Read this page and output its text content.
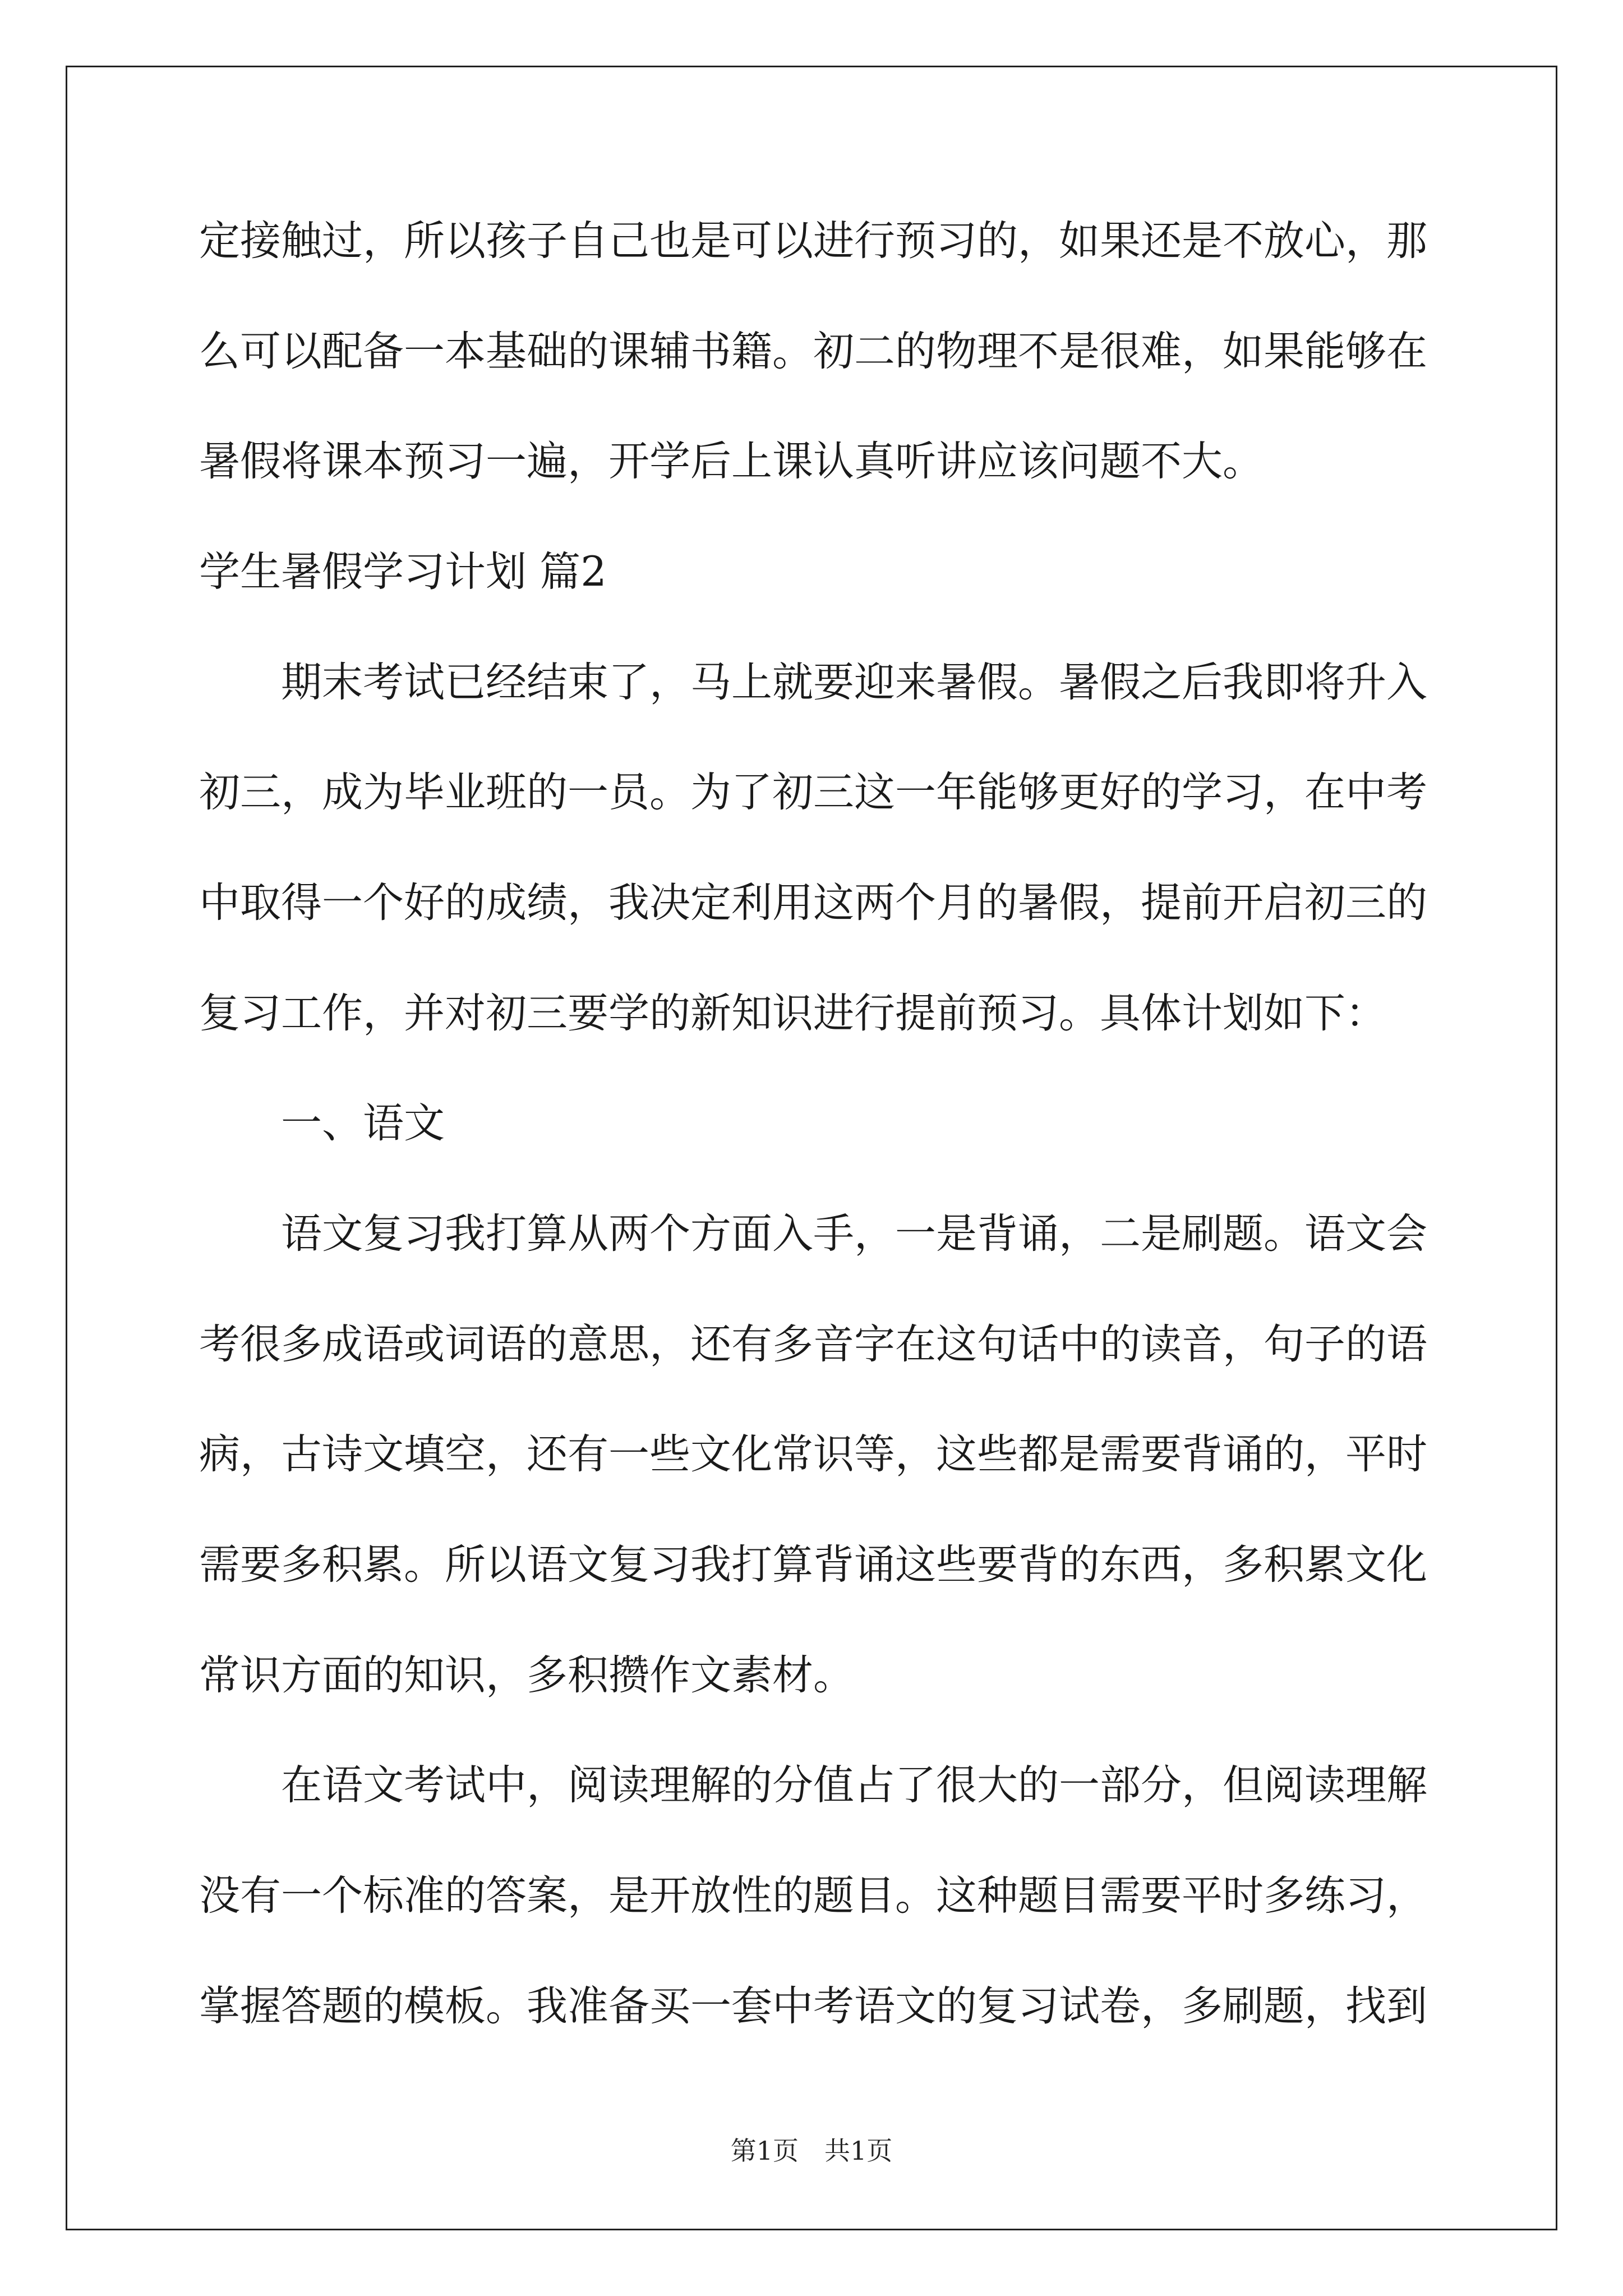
定接触过，所以孩子自己也是可以进行预习的，如果还是不放心，那
么可以配备一本基础的课辅书籍。初二的物理不是很难，如果能够在
暑假将课本预习一遍，开学后上课认真听讲应该问题不大。
学生暑假学习计划 篇2
期末考试已经结束了，马上就要迎来暑假。暑假之后我即将升入
初三，成为毕业班的一员。为了初三这一年能够更好的学习，在中考
中取得一个好的成绩，我决定利用这两个月的暑假，提前开启初三的
复习工作，并对初三要学的新知识进行提前预习。具体计划如下：
一、语文
语文复习我打算从两个方面入手，一是背诵，二是刷题。语文会
考很多成语或词语的意思，还有多音字在这句话中的读音，句子的语
病，古诗文填空，还有一些文化常识等，这些都是需要背诵的，平时
需要多积累。所以语文复习我打算背诵这些要背的东西，多积累文化
常识方面的知识，多积攒作文素材。
在语文考试中，阅读理解的分值占了很大的一部分，但阅读理解
没有一个标准的答案，是开放性的题目。这种题目需要平时多练习，
掌握答题的模板。我准备买一套中考语文的复习试卷，多刷题，找到
第1页　共1页
